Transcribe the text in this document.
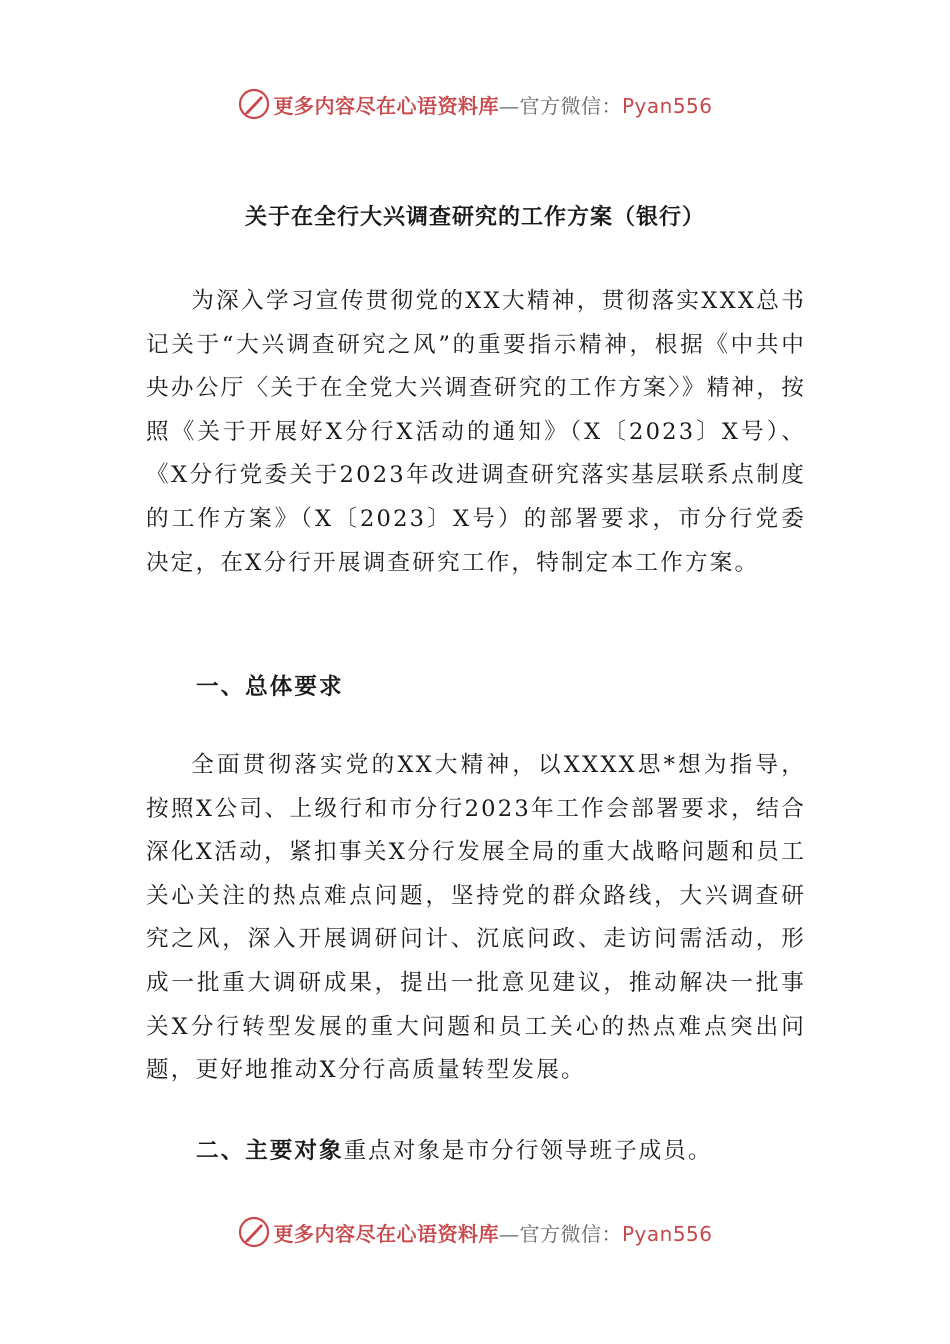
更多内容尽在心语资料库—官方微信：Pyan556
关于在全行大兴调查研究的工作方案（银行）

为深入学习宣传贯彻党的XX大精神，贯彻落实XXX总书记关于“大兴调查研究之风”的重要指示精神，根据《中共中央办公厅〈关于在全党大兴调查研究的工作方案〉》精神，按照《关于开展好X分行X活动的通知》（X〔2023〕X号）、《X分行党委关于2023年改进调查研究落实基层联系点制度的工作方案》（X〔2023〕X号）的部署要求，市分行党委决定，在X分行开展调查研究工作，特制定本工作方案。

一、总体要求

全面贯彻落实党的XX大精神，以XXXX思*想为指导，按照X公司、上级行和市分行2023年工作会部署要求，结合深化X活动，紧扣事关X分行发展全局的重大战略问题和员工关心关注的热点难点问题，坚持党的群众路线，大兴调查研究之风，深入开展调研问计、沉底问政、走访问需活动，形成一批重大调研成果，提出一批意见建议，推动解决一批事关X分行转型发展的重大问题和员工关心的热点难点突出问题，更好地推动X分行高质量转型发展。

二、主要对象重点对象是市分行领导班子成员。

更多内容尽在心语资料库—官方微信：Pyan556
